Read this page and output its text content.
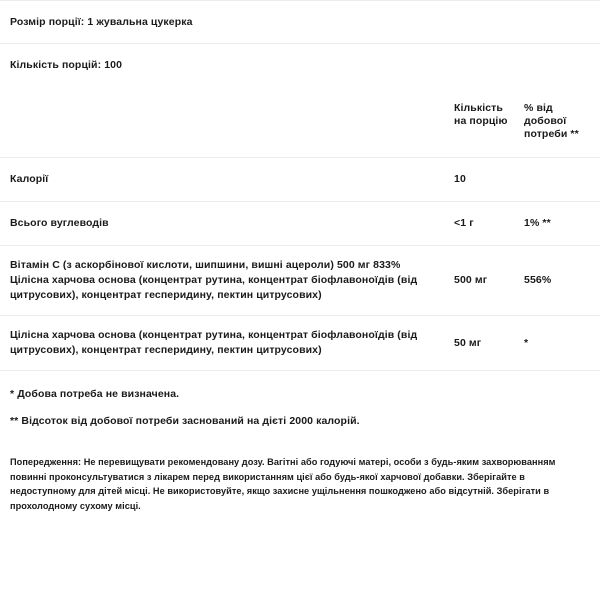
Розмір порції: 1 жувальна цукерка
Кількість порцій: 100
	Кількість на порцію	% від добової потреби **
Калорії	10	
Всього вуглеводів	<1 г	1% **
Вітамін С (з аскорбінової кислоти, шипшини, вишні ацероли) 500 мг 833% Цілісна харчова основа (концентрат рутина, концентрат біофлавоноїдів (від цитрусових), концентрат гесперидину, пектин цитрусових)	500 мг	556%
Цілісна харчова основа (концентрат рутина, концентрат біофлавоноїдів (від цитрусових), концентрат гесперидину, пектин цитрусових)	50 мг	*
* Добова потреба не визначена.
** Відсоток від добової потреби заснований на дієті 2000 калорій.
Попередження: Не перевищувати рекомендовану дозу. Вагітні або годуючі матері, особи з будь-яким захворюванням повинні проконсультуватися з лікарем перед використанням цієї або будь-якої харчової добавки. Зберігайте в недоступному для дітей місці. Не використовуйте, якщо захисне ущільнення пошкоджено або відсутній. Зберігати в прохолодному сухому місці.
